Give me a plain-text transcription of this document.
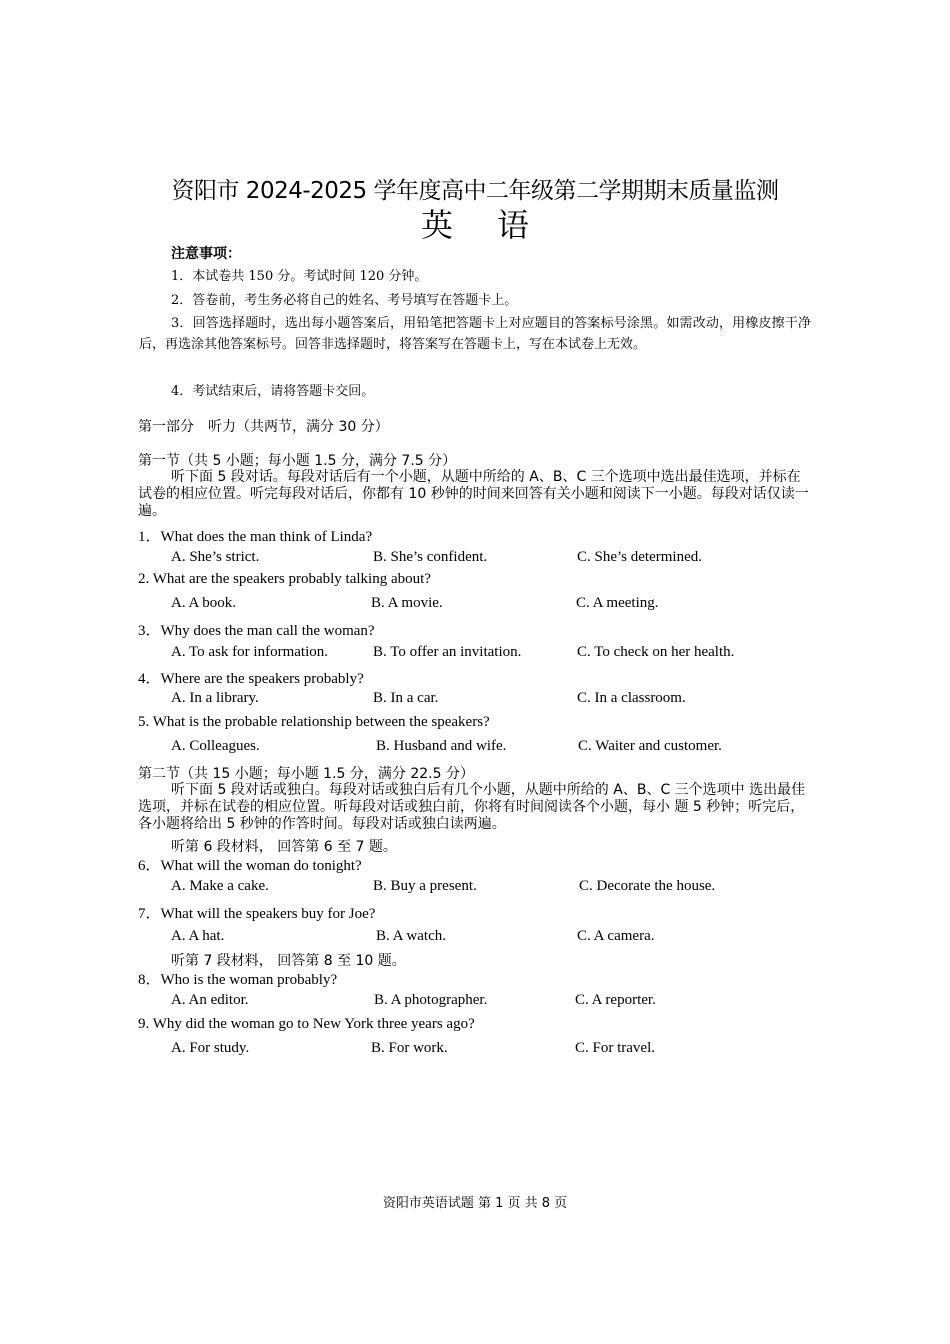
资阳市 2024-2025 学年度高中二年级第二学期期末质量监测
英 语
注意事项：
1．本试卷共 150 分。考试时间 120 分钟。
2．答卷前，考生务必将自己的姓名、考号填写在答题卡上。
3．回答选择题时，选出每小题答案后，用铅笔把答题卡上对应题目的答案标号涂黑。如需改动，用橡皮擦干净后，再选涂其他答案标号。回答非选择题时，将答案写在答题卡上，写在本试卷上无效。
4．考试结束后，请将答题卡交回。
第一部分　听力（共两节，满分 30 分）
第一节（共 5 小题；每小题 1.5 分，满分 7.5 分）
听下面 5 段对话。每段对话后有一个小题，从题中所给的 A、B、C 三个选项中选出最佳选项，并标在试卷的相应位置。听完每段对话后，你都有 10 秒钟的时间来回答有关小题和阅读下一小题。每段对话仅读一遍。
1．What does the man think of Linda?
A. She’s strict.	B. She’s confident.	C. She’s determined.
2. What are the speakers probably talking about?
A. A book.	B. A movie.	C. A meeting.
3．Why does the man call the woman?
A. To ask for information.	B. To offer an invitation.	C. To check on her health.
4．Where are the speakers probably?
A. In a library.	B. In a car.	C. In a classroom.
5. What is the probable relationship between the speakers?
A. Colleagues.	B. Husband and wife.	C. Waiter and customer.
第二节（共 15 小题；每小题 1.5 分，满分 22.5 分）
听下面 5 段对话或独白。每段对话或独白后有几个小题，从题中所给的 A、B、C 三个选项中 选出最佳选项，并标在试卷的相应位置。听每段对话或独白前，你将有时间阅读各个小题，每小 题 5 秒钟；听完后，各小题将给出 5 秒钟的作答时间。每段对话或独白读两遍。
听第 6 段材料， 回答第 6 至 7 题。
6．What will the woman do tonight?
A. Make a cake.	B. Buy a present.	C. Decorate the house.
7．What will the speakers buy for Joe?
A. A hat.	B. A watch.	C. A camera.
听第 7 段材料， 回答第 8 至 10 题。
8．Who is the woman probably?
A. An editor.	B. A photographer.	C. A reporter.
9. Why did the woman go to New York three years ago?
A. For study.	B. For work.	C. For travel.
资阳市英语试题 第 1 页 共 8 页
